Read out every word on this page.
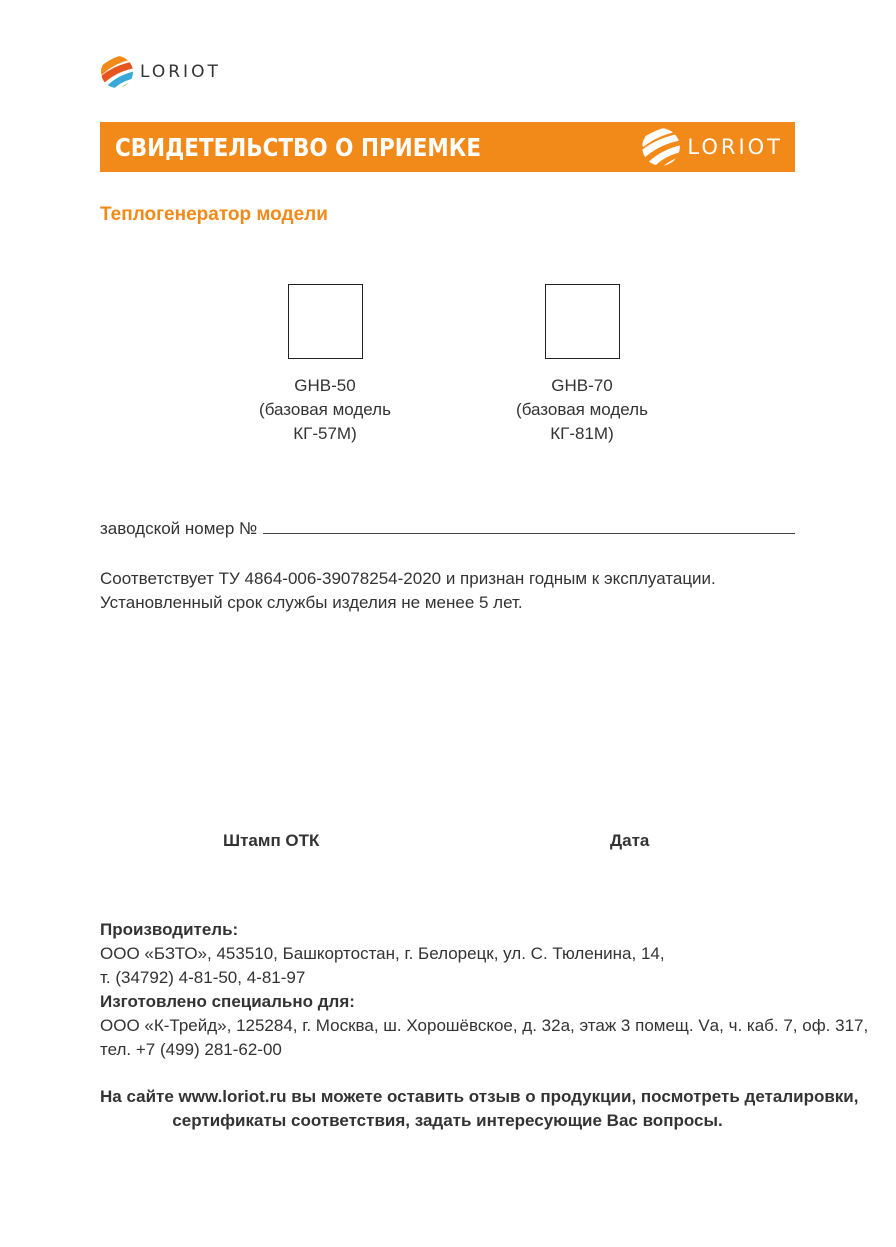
LORIOT
СВИДЕТЕЛЬСТВО О ПРИЕМКЕ	LORIOT
Теплогенератор модели
GHB-50
(базовая модель
КГ-57М)
GHB-70
(базовая модель
КГ-81М)
заводской номер №
Соответствует ТУ 4864-006-39078254-2020 и признан годным к эксплуатации.
Установленный срок службы изделия не менее 5 лет.
Штамп ОТК	Дата
Производитель:
ООО «БЗТО», 453510, Башкортостан, г. Белорецк, ул. С. Тюленина, 14,
т. (34792) 4-81-50, 4-81-97
Изготовлено специально для:
ООО «К-Трейд», 125284, г. Москва, ш. Хорошёвское, д. 32а, этаж 3 помещ. Vа, ч. каб. 7, оф. 317,
тел. +7 (499) 281-62-00
На сайте www.loriot.ru вы можете оставить отзыв о продукции, посмотреть деталировки,
сертификаты соответствия, задать интересующие Вас вопросы.
